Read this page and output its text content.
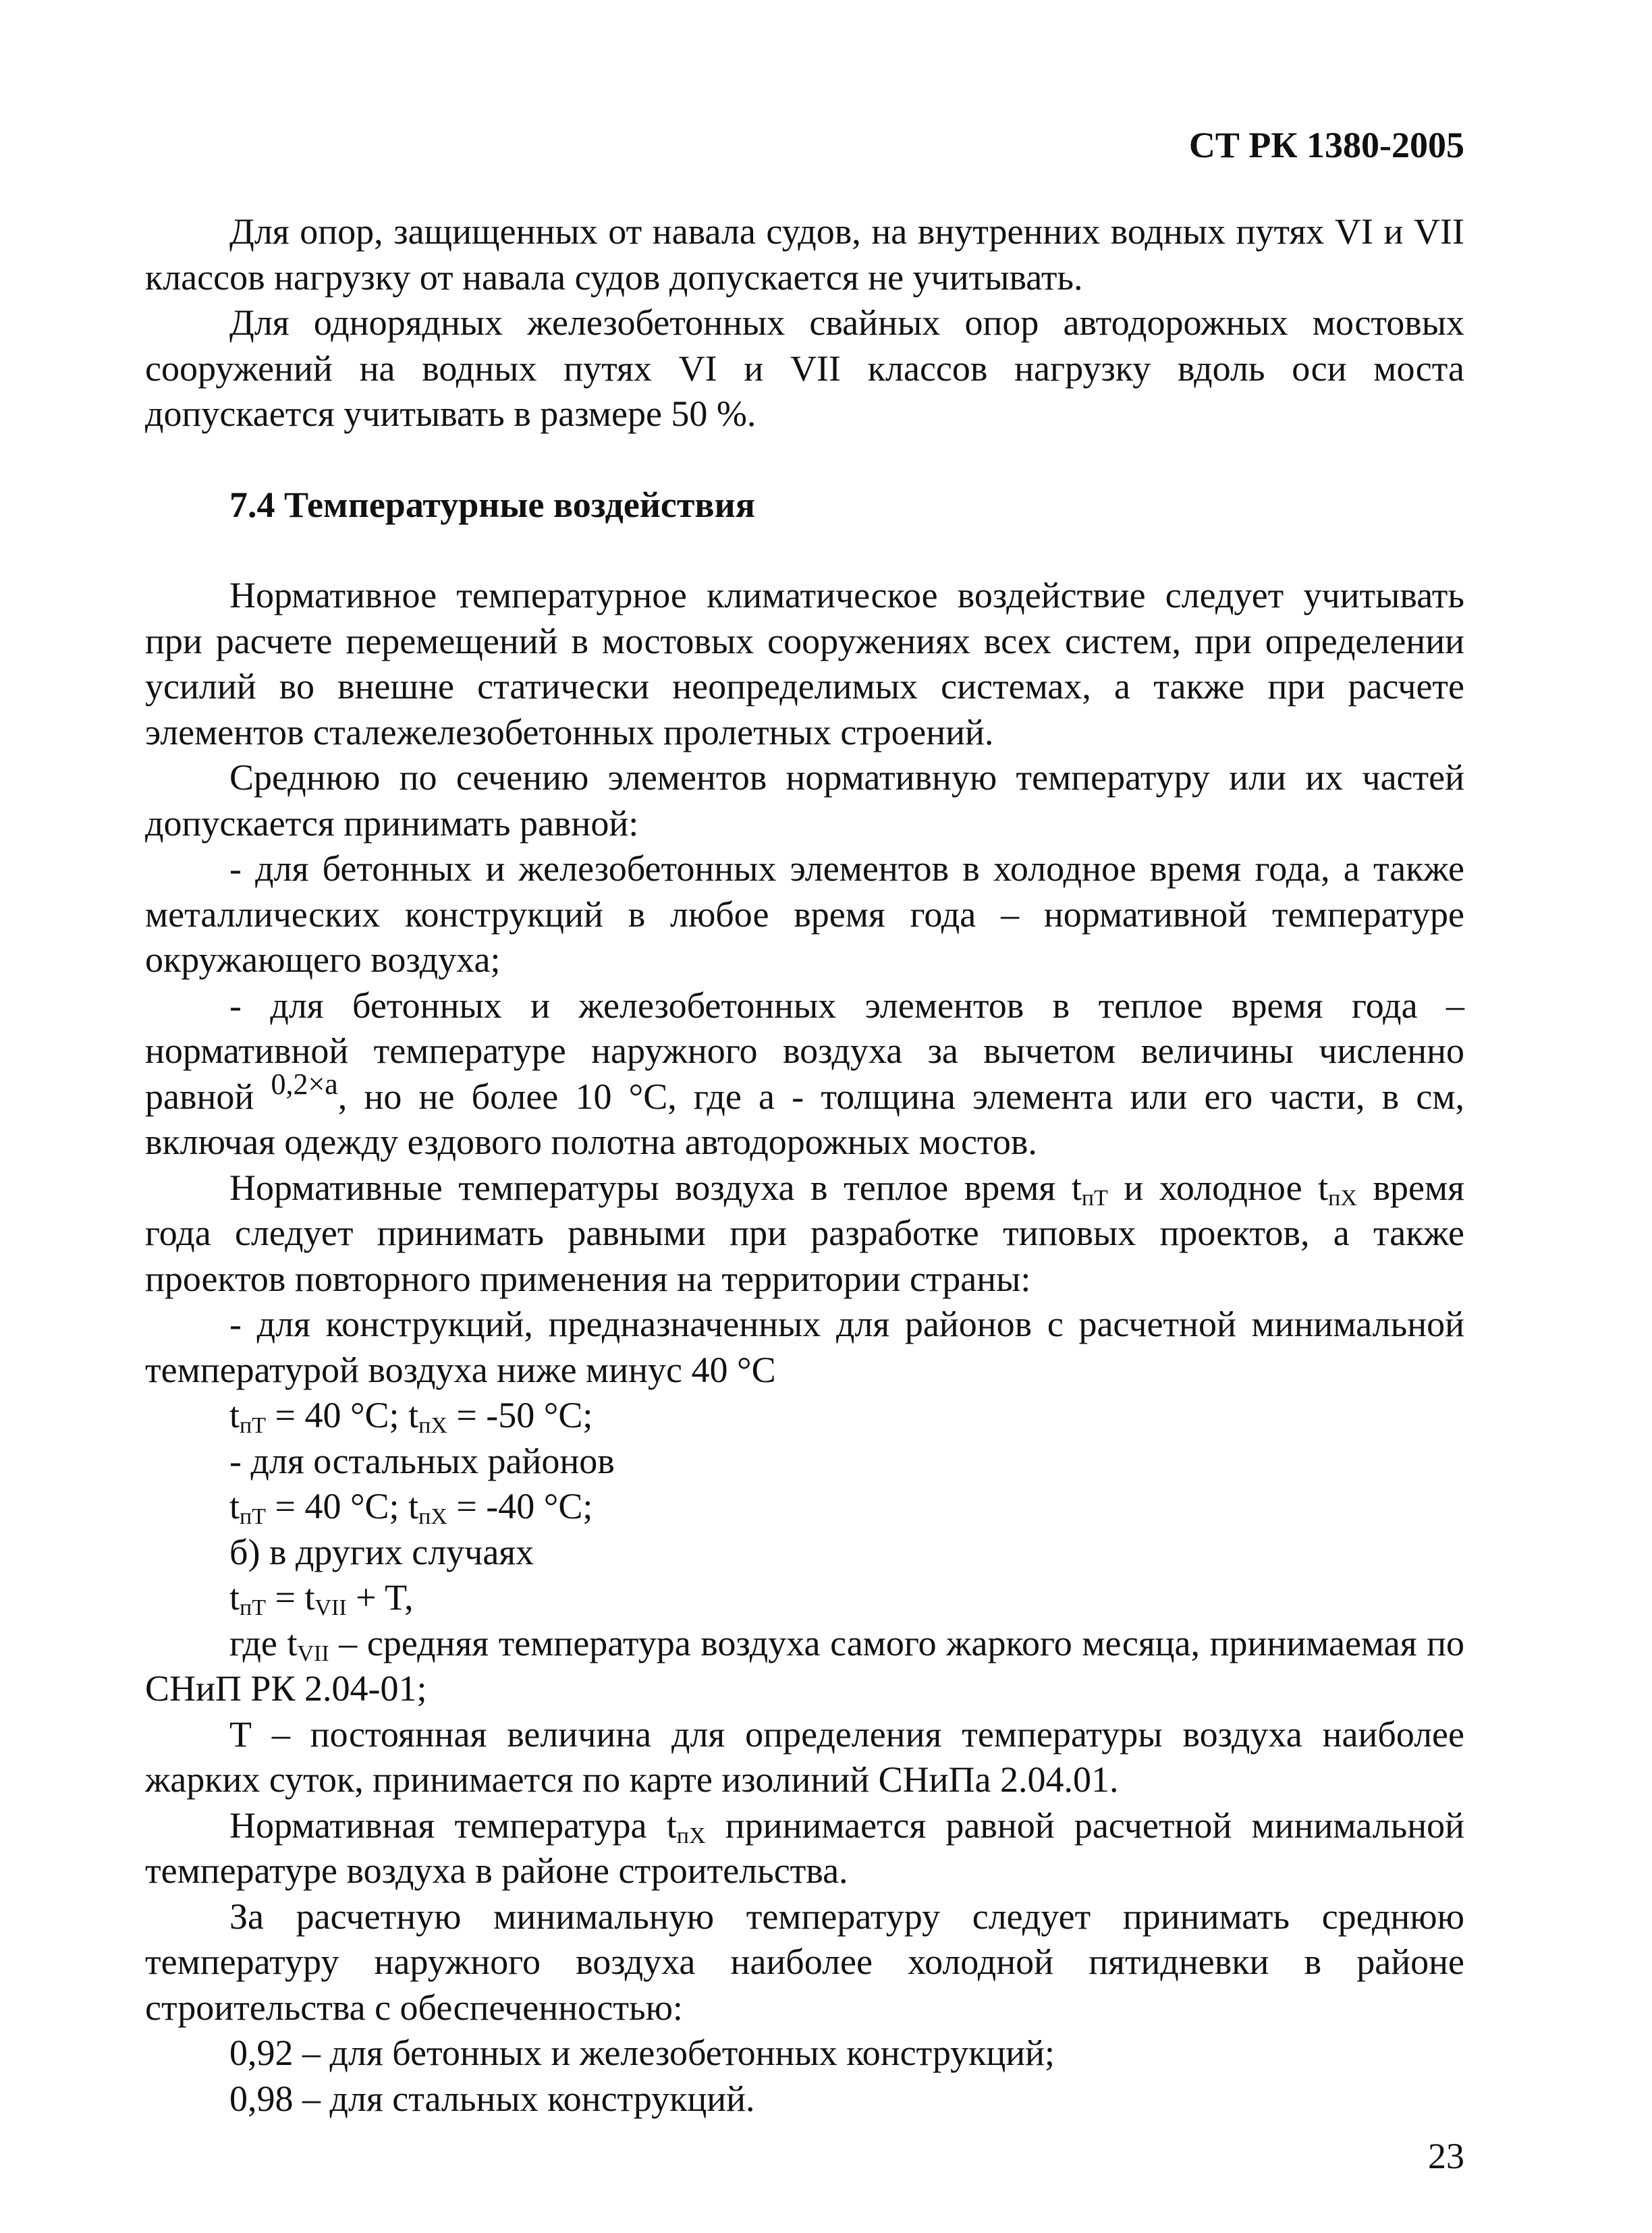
СТ РК 1380-2005

Для опор, защищенных от навала судов, на внутренних водных путях VI и VII классов нагрузку от навала судов допускается не учитывать.

Для однорядных железобетонных свайных опор автодорожных мостовых сооружений на водных путях VI и VII классов нагрузку вдоль оси моста допускается учитывать в размере 50 %.

7.4 Температурные воздействия

Нормативное температурное климатическое воздействие следует учитывать при расчете перемещений в мостовых сооружениях всех систем, при определении усилий во внешне статически неопределимых системах, а также при расчете элементов сталежелезобетонных пролетных строений.

Среднюю по сечению элементов нормативную температуру или их частей допускается принимать равной:

- для бетонных и железобетонных элементов в холодное время года, а также металлических конструкций в любое время года – нормативной температуре окружающего воздуха;

- для бетонных и железобетонных элементов в теплое время года – нормативной температуре наружного воздуха за вычетом величины численно равной $^{0,2\times а}$, но не более 10 °С, где а - толщина элемента или его части, в см, включая одежду ездового полотна автодорожных мостов.

Нормативные температуры воздуха в теплое время $t_{пТ}$ и холодное $t_{пХ}$ время года следует принимать равными при разработке типовых проектов, а также проектов повторного применения на территории страны:

- для конструкций, предназначенных для районов с расчетной минимальной температурой воздуха ниже минус 40 °С

$t_{пТ} = 40$ °С; $t_{пХ} = -50$ °С;

- для остальных районов

$t_{пТ} = 40$ °С; $t_{пХ} = -40$ °С;

б) в других случаях

$t_{пТ} = t_{VII} + T$,

где $t_{VII}$ – средняя температура воздуха самого жаркого месяца, принимаемая по СНиП РК 2.04-01;

Т – постоянная величина для определения температуры воздуха наиболее жарких суток, принимается по карте изолиний СНиПа 2.04.01.

Нормативная температура $t_{пХ}$ принимается равной расчетной минимальной температуре воздуха в районе строительства.

За расчетную минимальную температуру следует принимать среднюю температуру наружного воздуха наиболее холодной пятидневки в районе строительства с обеспеченностью:

0,92 – для бетонных и железобетонных конструкций;

0,98 – для стальных конструкций.

23
